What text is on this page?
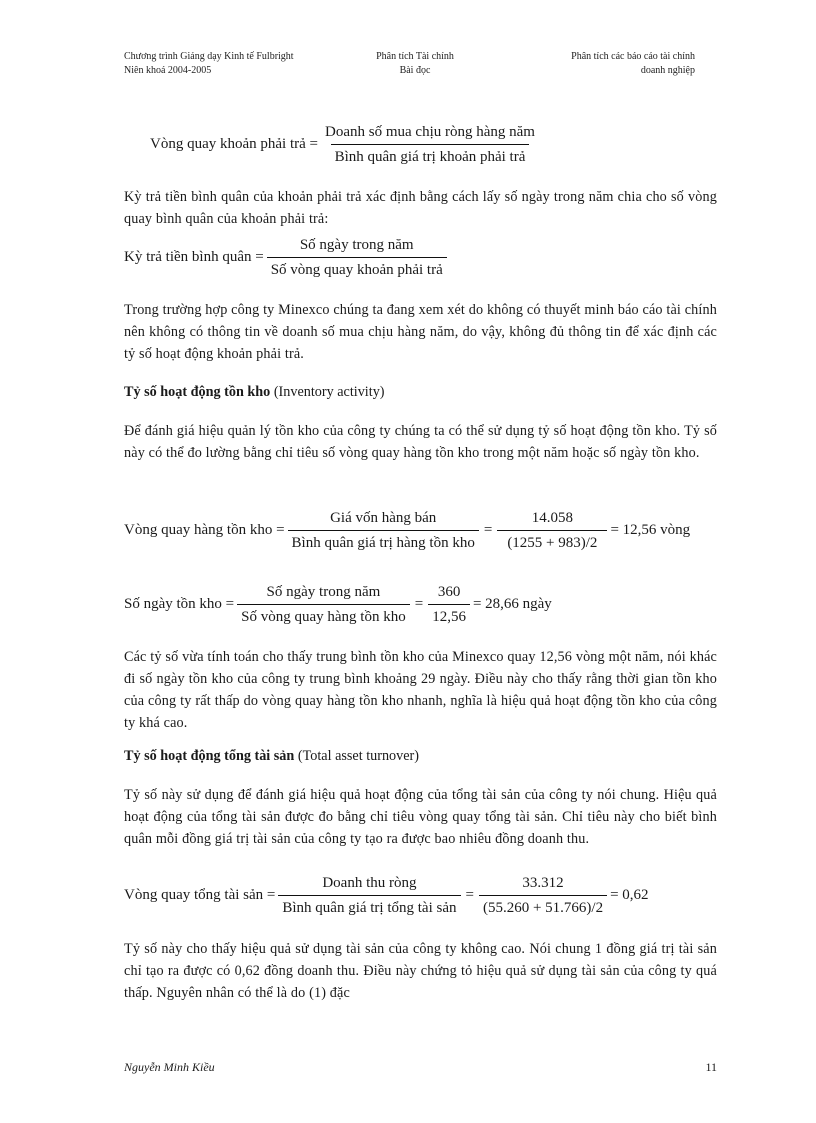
Chương trình Giảng dạy Kinh tế Fulbright
Niên khoá 2004-2005
Phân tích Tài chính
Bài đọc
Phân tích các báo cáo tài chính
doanh nghiệp
Vòng quay khoản phải trả = $\frac{\text{Doanh số mua chịu ròng hàng năm}}{\text{Bình quân giá trị khoản phải trả}}$
Kỳ trả tiền bình quân của khoản phải trả xác định bằng cách lấy số ngày trong năm chia cho số vòng quay bình quân của khoản phải trả:
Kỳ trả tiền bình quân = $\frac{\text{Số ngày trong năm}}{\text{Số vòng quay khoản phải trả}}$
Trong trường hợp công ty Minexco chúng ta đang xem xét do không có thuyết minh báo cáo tài chính nên không có thông tin về doanh số mua chịu hàng năm, do vậy, không đủ thông tin để xác định các tỷ số hoạt động khoản phải trả.
Tỷ số hoạt động tồn kho (Inventory activity)
Để đánh giá hiệu quản lý tồn kho của công ty chúng ta có thể sử dụng tỷ số hoạt động tồn kho. Tỷ số này có thể đo lường bằng chỉ tiêu số vòng quay hàng tồn kho trong một năm hoặc số ngày tồn kho.
Vòng quay hàng tồn kho = $\frac{\text{Giá vốn hàng bán}}{\text{Bình quân giá trị hàng tồn kho}} = \frac{14.058}{(1255 + 983)/2} = 12,56$ vòng
Số ngày tồn kho = $\frac{\text{Số ngày trong năm}}{\text{Số vòng quay hàng tồn kho}} = \frac{360}{12,56} = 28,66$ ngày
Các tỷ số vừa tính toán cho thấy trung bình tồn kho của Minexco quay 12,56 vòng một năm, nói khác đi số ngày tồn kho của công ty trung bình khoảng 29 ngày. Điều này cho thấy rằng thời gian tồn kho của công ty rất thấp do vòng quay hàng tồn kho nhanh, nghĩa là hiệu quả hoạt động tồn kho của công ty khá cao.
Tỷ số hoạt động tổng tài sản (Total asset turnover)
Tỷ số này sử dụng để đánh giá hiệu quả hoạt động của tổng tài sản của công ty nói chung. Hiệu quả hoạt động của tổng tài sản được đo bằng chỉ tiêu vòng quay tổng tài sản. Chỉ tiêu này cho biết bình quân mỗi đồng giá trị tài sản của công ty tạo ra được bao nhiêu đồng doanh thu.
Vòng quay tổng tài sản = $\frac{\text{Doanh thu ròng}}{\text{Bình quân giá trị tổng tài sản}} = \frac{33.312}{(55.260 + 51.766)/2} = 0,62$
Tỷ số này cho thấy hiệu quả sử dụng tài sản của công ty không cao. Nói chung 1 đồng giá trị tài sản chỉ tạo ra được có 0,62 đồng doanh thu. Điều này chứng tỏ hiệu quả sử dụng tài sản của công ty quá thấp. Nguyên nhân có thể là do (1) đặc
Nguyễn Minh Kiều	11
